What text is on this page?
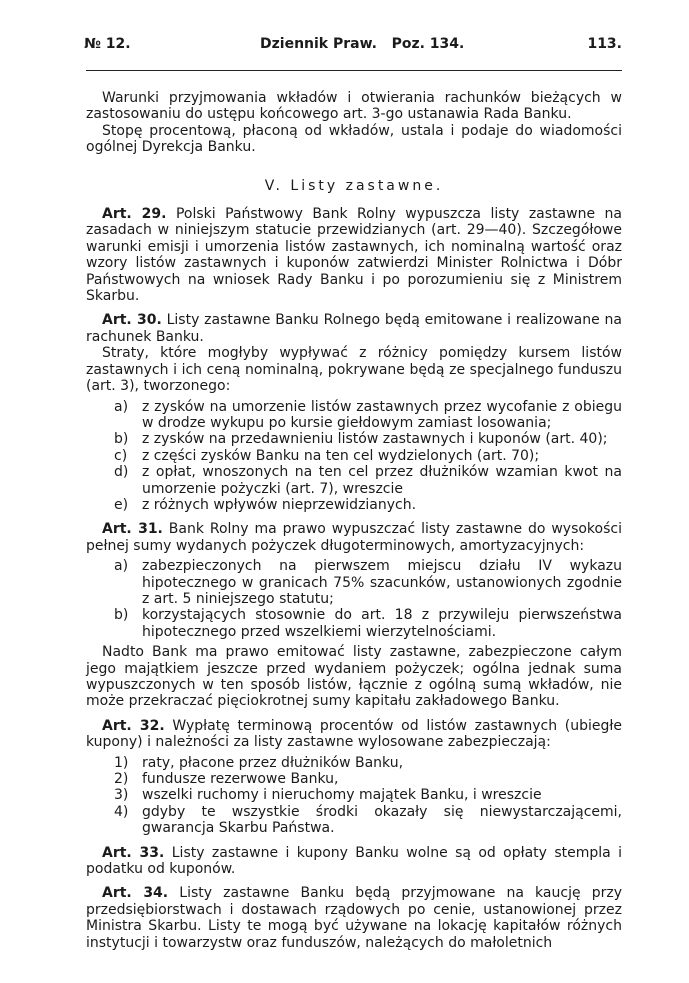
№ 12.	Dziennik Praw.   Poz. 134.	113.

Warunki przyjmowania wkładów i otwierania rachunków bieżących w zastosowaniu do ustępu końcowego art. 3-go ustanawia Rada Banku.

Stopę procentową, płaconą od wkładów, ustala i podaje do wiadomości ogólnej Dyrekcja Banku.

V. Listy zastawne.

Art. 29. Polski Państwowy Bank Rolny wypuszcza listy zastawne na zasadach w niniejszym statucie przewidzianych (art. 29—40). Szczegółowe warunki emisji i umorzenia listów zastawnych, ich nominalną wartość oraz wzory listów zastawnych i kuponów zatwierdzi Minister Rolnictwa i Dóbr Państwowych na wniosek Rady Banku i po porozumieniu się z Ministrem Skarbu.

Art. 30. Listy zastawne Banku Rolnego będą emitowane i realizowane na rachunek Banku.

Straty, które mogłyby wypływać z różnicy pomiędzy kursem listów zastawnych i ich ceną nominalną, pokrywane będą ze specjalnego funduszu (art. 3), tworzonego:

a) z zysków na umorzenie listów zastawnych przez wycofanie z obiegu w drodze wykupu po kursie giełdowym zamiast losowania;
b) z zysków na przedawnieniu listów zastawnych i kuponów (art. 40);
c) z części zysków Banku na ten cel wydzielonych (art. 70);
d) z opłat, wnoszonych na ten cel przez dłużników wzamian kwot na umorzenie pożyczki (art. 7), wreszcie
e) z różnych wpływów nieprzewidzianych.

Art. 31. Bank Rolny ma prawo wypuszczać listy zastawne do wysokości pełnej sumy wydanych pożyczek długoterminowych, amortyzacyjnych:

a) zabezpieczonych na pierwszem miejscu działu IV wykazu hipotecznego w granicach 75% szacunków, ustanowionych zgodnie z art. 5 niniejszego statutu;
b) korzystających stosownie do art. 18 z przywileju pierwszeństwa hipotecznego przed wszelkiemi wierzytelnościami.

Nadto Bank ma prawo emitować listy zastawne, zabezpieczone całym jego majątkiem jeszcze przed wydaniem pożyczek; ogólna jednak suma wypuszczonych w ten sposób listów, łącznie z ogólną sumą wkładów, nie może przekraczać pięciokrotnej sumy kapitału zakładowego Banku.

Art. 32. Wypłatę terminową procentów od listów zastawnych (ubiegłe kupony) i należności za listy zastawne wylosowane zabezpieczają:

1) raty, płacone przez dłużników Banku,
2) fundusze rezerwowe Banku,
3) wszelki ruchomy i nieruchomy majątek Banku, i wreszcie
4) gdyby te wszystkie środki okazały się niewystarczającemi, gwarancja Skarbu Państwa.

Art. 33. Listy zastawne i kupony Banku wolne są od opłaty stempla i podatku od kuponów.

Art. 34. Listy zastawne Banku będą przyjmowane na kaucję przy przedsiębiorstwach i dostawach rządowych po cenie, ustanowionej przez Ministra Skarbu. Listy te mogą być używane na lokację kapitałów różnych instytucji i towarzystw oraz funduszów, należących do małoletnich
